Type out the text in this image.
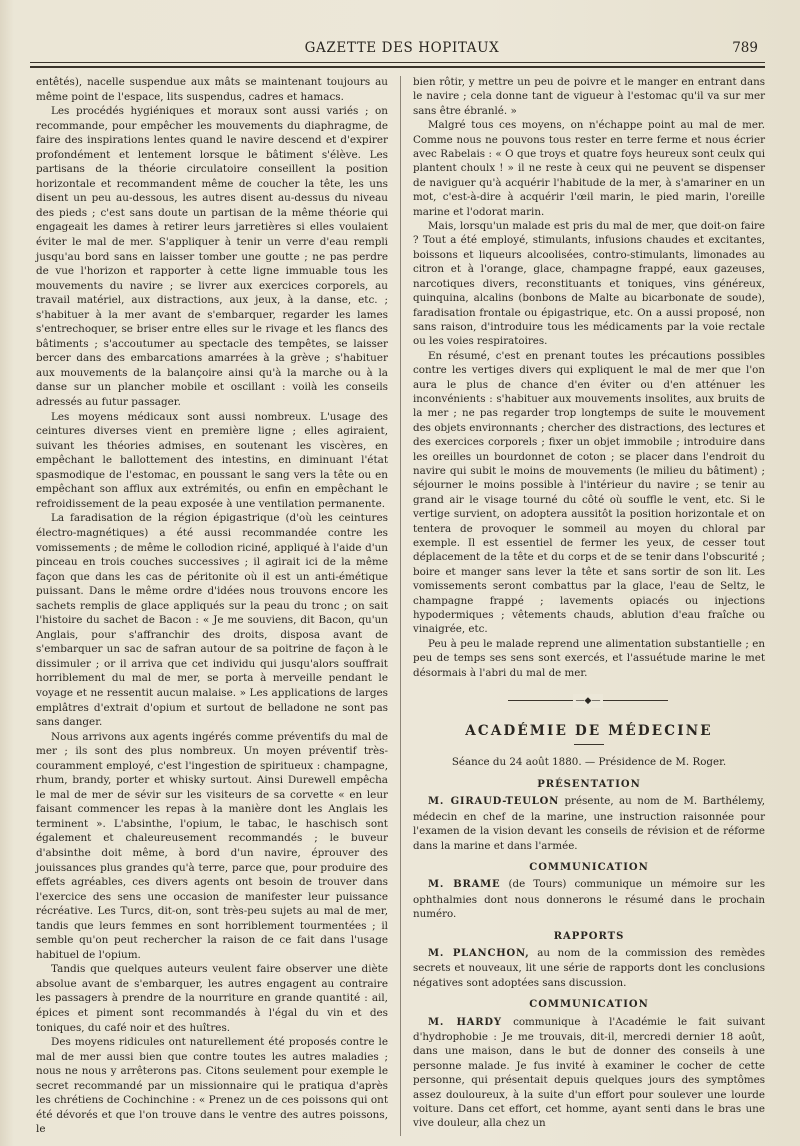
GAZETTE DES HOPITAUX	789

entêtés), nacelle suspendue aux mâts se maintenant toujours au même point de l'espace, lits suspendus, cadres et hamacs.

Les procédés hygiéniques et moraux sont aussi variés ; on recommande, pour empêcher les mouvements du diaphragme, de faire des inspirations lentes quand le navire descend et d'expirer profondément et lentement lorsque le bâtiment s'élève. Les partisans de la théorie circulatoire conseillent la position horizontale et recommandent même de coucher la tête, les uns disent un peu au-dessous, les autres disent au-dessus du niveau des pieds ; c'est sans doute un partisan de la même théorie qui engageait les dames à retirer leurs jarretières si elles voulaient éviter le mal de mer. S'appliquer à tenir un verre d'eau rempli jusqu'au bord sans en laisser tomber une goutte ; ne pas perdre de vue l'horizon et rapporter à cette ligne immuable tous les mouvements du navire ; se livrer aux exercices corporels, au travail matériel, aux distractions, aux jeux, à la danse, etc. ; s'habituer à la mer avant de s'embarquer, regarder les lames s'entrechoquer, se briser entre elles sur le rivage et les flancs des bâtiments ; s'accoutumer au spectacle des tempêtes, se laisser bercer dans des embarcations amarrées à la grève ; s'habituer aux mouvements de la balançoire ainsi qu'à la marche ou à la danse sur un plancher mobile et oscillant : voilà les conseils adressés au futur passager.

Les moyens médicaux sont aussi nombreux. L'usage des ceintures diverses vient en première ligne ; elles agiraient, suivant les théories admises, en soutenant les viscères, en empêchant le ballottement des intestins, en diminuant l'état spasmodique de l'estomac, en poussant le sang vers la tête ou en empêchant son afflux aux extrémités, ou enfin en empêchant le refroidissement de la peau exposée à une ventilation permanente.

La faradisation de la région épigastrique (d'où les ceintures électro-magnétiques) a été aussi recommandée contre les vomissements ; de même le collodion riciné, appliqué à l'aide d'un pinceau en trois couches successives ; il agirait ici de la même façon que dans les cas de péritonite où il est un anti-émétique puissant. Dans le même ordre d'idées nous trouvons encore les sachets remplis de glace appliqués sur la peau du tronc ; on sait l'histoire du sachet de Bacon : « Je me souviens, dit Bacon, qu'un Anglais, pour s'affranchir des droits, disposa avant de s'embarquer un sac de safran autour de sa poitrine de façon à le dissimuler ; or il arriva que cet individu qui jusqu'alors souffrait horriblement du mal de mer, se porta à merveille pendant le voyage et ne ressentit aucun malaise. » Les applications de larges emplâtres d'extrait d'opium et surtout de belladone ne sont pas sans danger.

Nous arrivons aux agents ingérés comme préventifs du mal de mer ; ils sont des plus nombreux. Un moyen préventif très-couramment employé, c'est l'ingestion de spiritueux : champagne, rhum, brandy, porter et whisky surtout. Ainsi Durewell empêcha le mal de mer de sévir sur les visiteurs de sa corvette « en leur faisant commencer les repas à la manière dont les Anglais les terminent ». L'absinthe, l'opium, le tabac, le haschisch sont également et chaleureusement recommandés ; le buveur d'absinthe doit même, à bord d'un navire, éprouver des jouissances plus grandes qu'à terre, parce que, pour produire des effets agréables, ces divers agents ont besoin de trouver dans l'exercice des sens une occasion de manifester leur puissance récréative. Les Turcs, dit-on, sont très-peu sujets au mal de mer, tandis que leurs femmes en sont horriblement tourmentées ; il semble qu'on peut rechercher la raison de ce fait dans l'usage habituel de l'opium.

Tandis que quelques auteurs veulent faire observer une diète absolue avant de s'embarquer, les autres engagent au contraire les passagers à prendre de la nourriture en grande quantité : ail, épices et piment sont recommandés à l'égal du vin et des toniques, du café noir et des huîtres.

Des moyens ridicules ont naturellement été proposés contre le mal de mer aussi bien que contre toutes les autres maladies ; nous ne nous y arrêterons pas. Citons seulement pour exemple le secret recommandé par un missionnaire qui le pratiqua d'après les chrétiens de Cochinchine : « Prenez un de ces poissons qui ont été dévorés et que l'on trouve dans le ventre des autres poissons, le

bien rôtir, y mettre un peu de poivre et le manger en entrant dans le navire ; cela donne tant de vigueur à l'estomac qu'il va sur mer sans être ébranlé. »

Malgré tous ces moyens, on n'échappe point au mal de mer. Comme nous ne pouvons tous rester en terre ferme et nous écrier avec Rabelais : « O que troys et quatre foys heureux sont ceulx qui plantent choulx ! » il ne reste à ceux qui ne peuvent se dispenser de naviguer qu'à acquérir l'habitude de la mer, à s'amariner en un mot, c'est-à-dire à acquérir l'œil marin, le pied marin, l'oreille marine et l'odorat marin.

Mais, lorsqu'un malade est pris du mal de mer, que doit-on faire ? Tout a été employé, stimulants, infusions chaudes et excitantes, boissons et liqueurs alcoolisées, contro-stimulants, limonades au citron et à l'orange, glace, champagne frappé, eaux gazeuses, narcotiques divers, reconstituants et toniques, vins généreux, quinquina, alcalins (bonbons de Malte au bicarbonate de soude), faradisation frontale ou épigastrique, etc. On a aussi proposé, non sans raison, d'introduire tous les médicaments par la voie rectale ou les voies respiratoires.

En résumé, c'est en prenant toutes les précautions possibles contre les vertiges divers qui expliquent le mal de mer que l'on aura le plus de chance d'en éviter ou d'en atténuer les inconvénients : s'habituer aux mouvements insolites, aux bruits de la mer ; ne pas regarder trop longtemps de suite le mouvement des objets environnants ; chercher des distractions, des lectures et des exercices corporels ; fixer un objet immobile ; introduire dans les oreilles un bourdonnet de coton ; se placer dans l'endroit du navire qui subit le moins de mouvements (le milieu du bâtiment) ; séjourner le moins possible à l'intérieur du navire ; se tenir au grand air le visage tourné du côté où souffle le vent, etc. Si le vertige survient, on adoptera aussitôt la position horizontale et on tentera de provoquer le sommeil au moyen du chloral par exemple. Il est essentiel de fermer les yeux, de cesser tout déplacement de la tête et du corps et de se tenir dans l'obscurité ; boire et manger sans lever la tête et sans sortir de son lit. Les vomissements seront combattus par la glace, l'eau de Seltz, le champagne frappé ; lavements opiacés ou injections hypodermiques ; vêtements chauds, ablution d'eau fraîche ou vinaigrée, etc.

Peu à peu le malade reprend une alimentation substantielle ; en peu de temps ses sens sont exercés, et l'assuétude marine le met désormais à l'abri du mal de mer.

—◆—
ACADÉMIE DE MÉDECINE
Séance du 24 août 1880. — Présidence de M. Roger.
PRÉSENTATION

M. GIRAUD-TEULON présente, au nom de M. Barthélemy, médecin en chef de la marine, une instruction raisonnée pour l'examen de la vision devant les conseils de révision et de réforme dans la marine et dans l'armée.

COMMUNICATION

M. BRAME (de Tours) communique un mémoire sur les ophthalmies dont nous donnerons le résumé dans le prochain numéro.

RAPPORTS

M. PLANCHON, au nom de la commission des remèdes secrets et nouveaux, lit une série de rapports dont les conclusions négatives sont adoptées sans discussion.

COMMUNICATION

M. HARDY communique à l'Académie le fait suivant d'hydrophobie : Je me trouvais, dit-il, mercredi dernier 18 août, dans une maison, dans le but de donner des conseils à une personne malade. Je fus invité à examiner le cocher de cette personne, qui présentait depuis quelques jours des symptômes assez douloureux, à la suite d'un effort pour soulever une lourde voiture. Dans cet effort, cet homme, ayant senti dans le bras une vive douleur, alla chez un
